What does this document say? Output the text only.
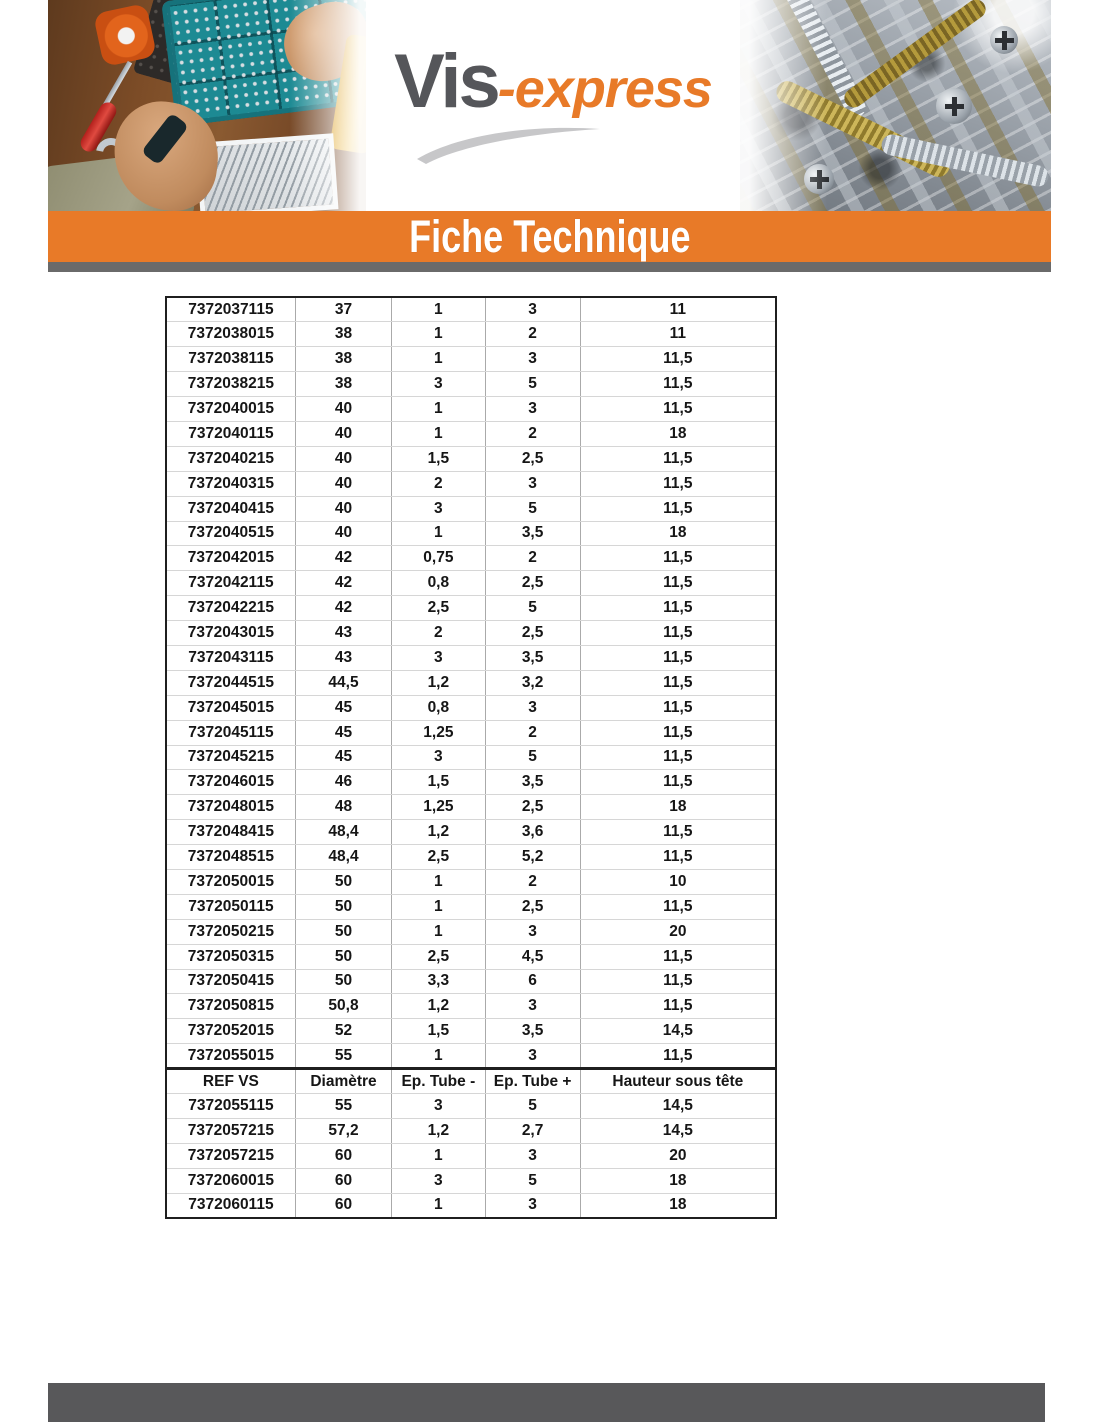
Vis-express
Fiche Technique
7372037115	37	1	3	11
7372038015	38	1	2	11
7372038115	38	1	3	11,5
7372038215	38	3	5	11,5
7372040015	40	1	3	11,5
7372040115	40	1	2	18
7372040215	40	1,5	2,5	11,5
7372040315	40	2	3	11,5
7372040415	40	3	5	11,5
7372040515	40	1	3,5	18
7372042015	42	0,75	2	11,5
7372042115	42	0,8	2,5	11,5
7372042215	42	2,5	5	11,5
7372043015	43	2	2,5	11,5
7372043115	43	3	3,5	11,5
7372044515	44,5	1,2	3,2	11,5
7372045015	45	0,8	3	11,5
7372045115	45	1,25	2	11,5
7372045215	45	3	5	11,5
7372046015	46	1,5	3,5	11,5
7372048015	48	1,25	2,5	18
7372048415	48,4	1,2	3,6	11,5
7372048515	48,4	2,5	5,2	11,5
7372050015	50	1	2	10
7372050115	50	1	2,5	11,5
7372050215	50	1	3	20
7372050315	50	2,5	4,5	11,5
7372050415	50	3,3	6	11,5
7372050815	50,8	1,2	3	11,5
7372052015	52	1,5	3,5	14,5
7372055015	55	1	3	11,5
REF VS	Diamètre	Ep. Tube -	Ep. Tube +	Hauteur sous tête
7372055115	55	3	5	14,5
7372057215	57,2	1,2	2,7	14,5
7372057215	60	1	3	20
7372060015	60	3	5	18
7372060115	60	1	3	18
